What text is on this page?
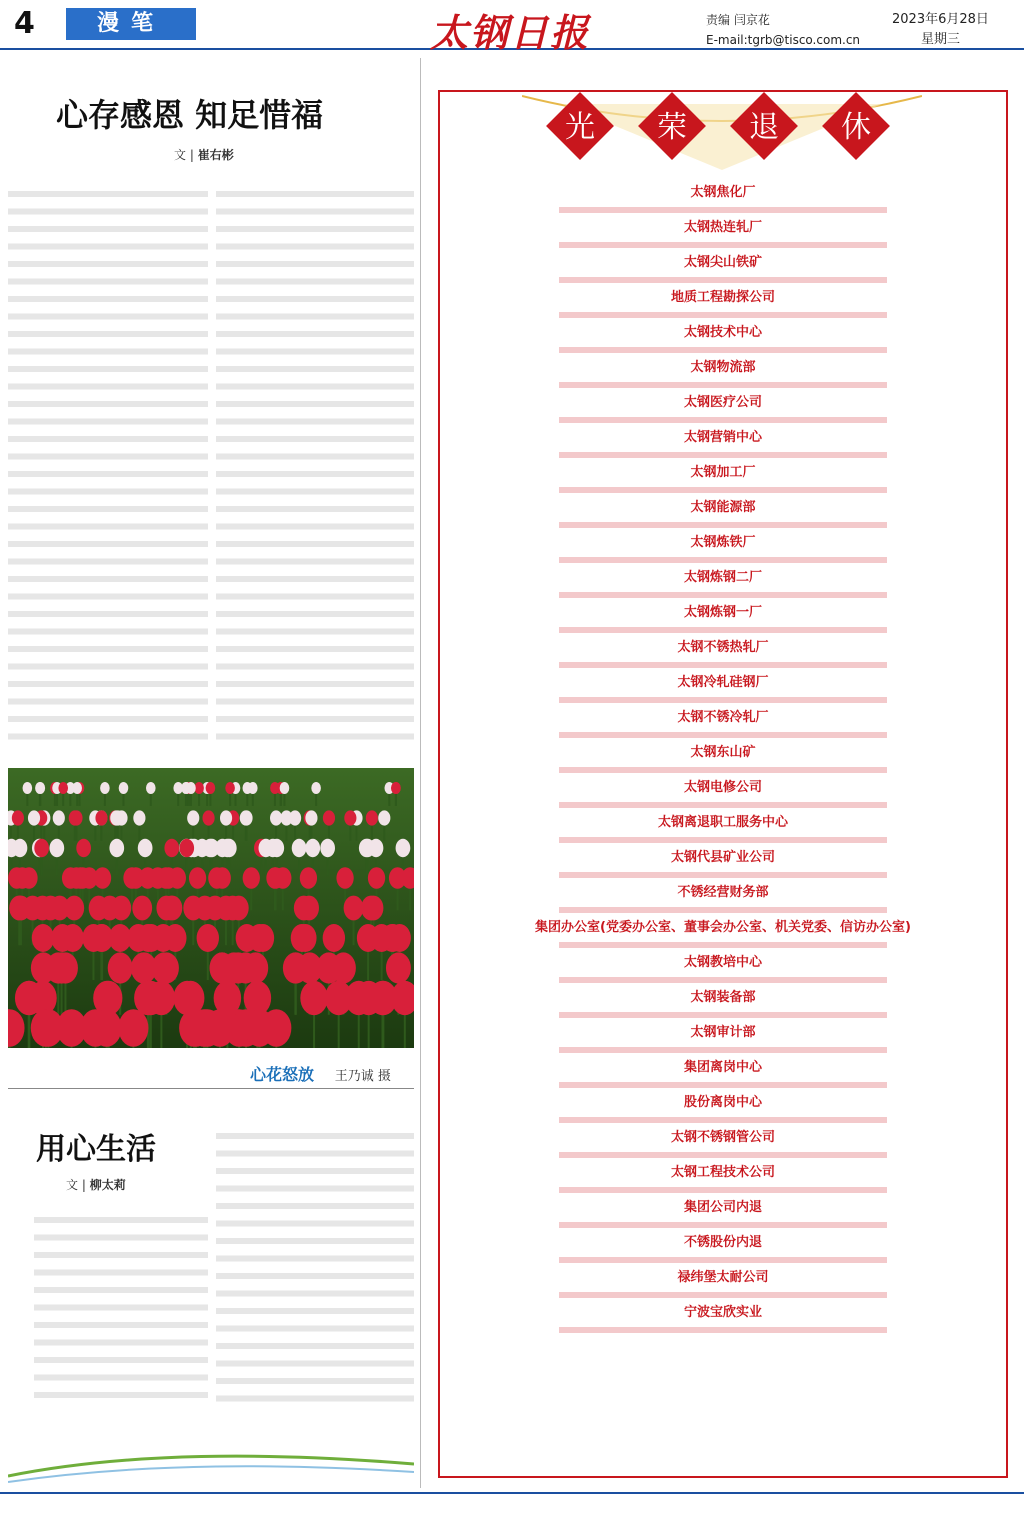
4	漫笔	太钢日报	责编 闫京花
E-mail:tgrb@tisco.com.cn
2023年6月28日
星期三
心存感恩 知足惜福
文 | 崔右彬
心花怒放 王乃诚 摄
用心生活
文 | 柳太莉
光 荣 退 休
太钢焦化厂
太钢热连轧厂
太钢尖山铁矿
地质工程勘探公司
太钢技术中心
太钢物流部
太钢医疗公司
太钢营销中心
太钢加工厂
太钢能源部
太钢炼铁厂
太钢炼钢二厂
太钢炼钢一厂
太钢不锈热轧厂
太钢冷轧硅钢厂
太钢不锈冷轧厂
太钢东山矿
太钢电修公司
太钢离退职工服务中心
太钢代县矿业公司
不锈经营财务部
集团办公室(党委办公室、董事会办公室、机关党委、信访办公室)
太钢教培中心
太钢装备部
太钢审计部
集团离岗中心
股份离岗中心
太钢不锈钢管公司
太钢工程技术公司
集团公司内退
不锈股份内退
禄纬堡太耐公司
宁波宝欣实业
